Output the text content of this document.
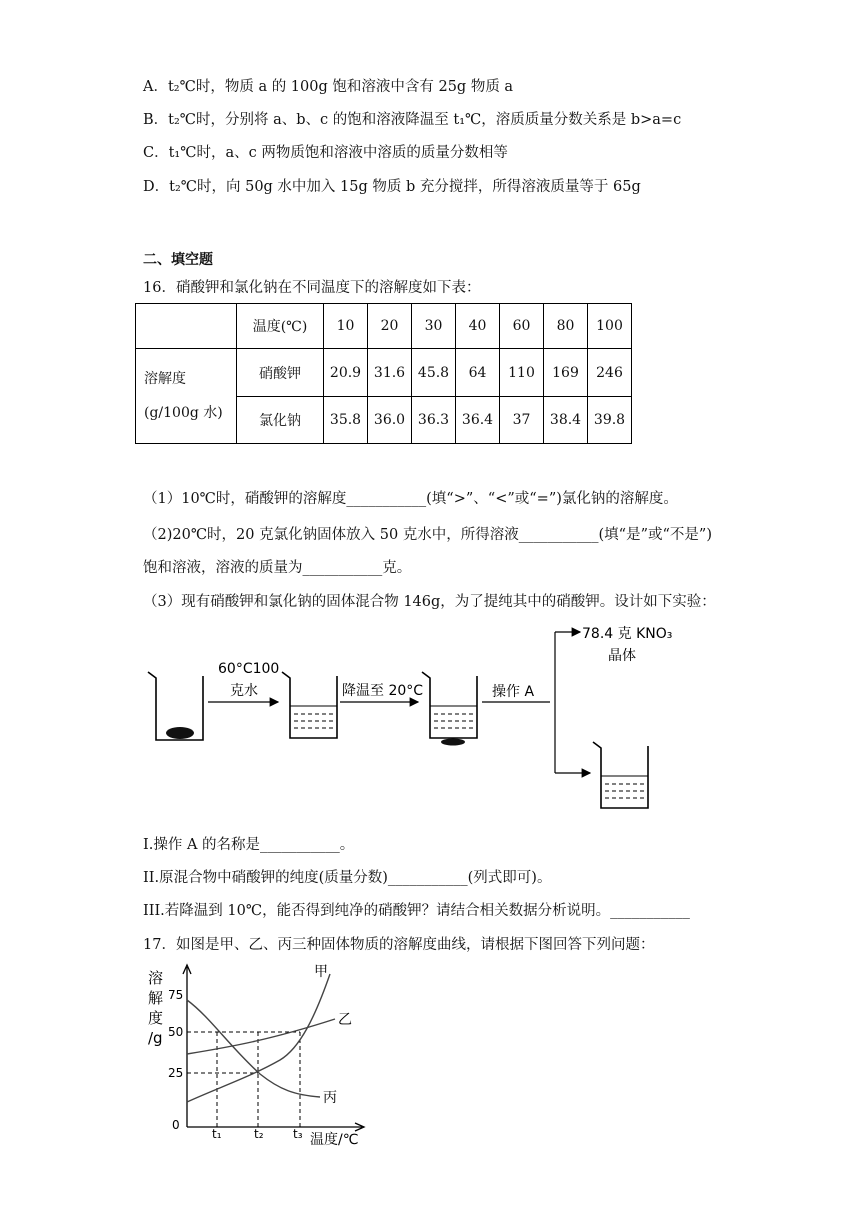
A．t₂℃时，物质 a 的 100g 饱和溶液中含有 25g 物质 a
B．t₂℃时，分别将 a、b、c 的饱和溶液降温至 t₁℃，溶质质量分数关系是 b>a=c
C．t₁℃时，a、c 两物质饱和溶液中溶质的质量分数相等
D．t₂℃时，向 50g 水中加入 15g 物质 b 充分搅拌，所得溶液质量等于 65g
二、填空题
16．硝酸钾和氯化钠在不同温度下的溶解度如下表：
	温度(℃)	10	20	30	40	60	80	100

溶解度
(g/100g 水)	硝酸钾	20.9	31.6	45.8	64	110	169	246
	氯化钠	35.8	36.0	36.3	36.4	37	38.4	39.8
（1）10℃时，硝酸钾的溶解度___________(填“>”、“<”或“=”)氯化钠的溶解度。
（2)20℃时，20 克氯化钠固体放入 50 克水中，所得溶液___________(填“是”或“不是”)
饱和溶液，溶液的质量为___________克。
（3）现有硝酸钾和氯化钠的固体混合物 146g，为了提纯其中的硝酸钾。设计如下实验：
60°C100
克水	降温至 20°C	操作 A
78.4 克 KNO₃
晶体
I.操作 A 的名称是___________。
II.原混合物中硝酸钾的纯度(质量分数)___________(列式即可)。
III.若降温到 10℃，能否得到纯净的硝酸钾？请结合相关数据分析说明。___________
17．如图是甲、乙、丙三种固体物质的溶解度曲线，请根据下图回答下列问题：
溶
解
度
/g
75
50
25
0
t₁	t₂ t₃ 温度/℃
甲
乙
丙
